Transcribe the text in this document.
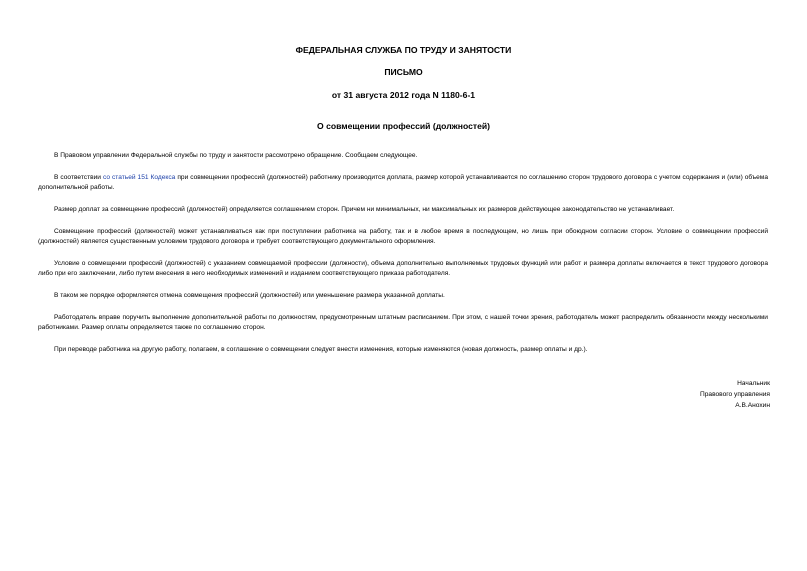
ФЕДЕРАЛЬНАЯ СЛУЖБА ПО ТРУДУ И ЗАНЯТОСТИ
ПИСЬМО
от 31 августа 2012 года N 1180-6-1
О совмещении профессий (должностей)

В Правовом управлении Федеральной службы по труду и занятости рассмотрено обращение. Сообщаем следующее.

В соответствии со статьей 151 Кодекса при совмещении профессий (должностей) работнику производится доплата, размер которой устанавливается по соглашению сторон трудового договора с учетом содержания и (или) объема дополнительной работы.

Размер доплат за совмещение профессий (должностей) определяется соглашением сторон. Причем ни минимальных, ни максимальных их размеров действующее законодательство не устанавливает.

Совмещение профессий (должностей) может устанавливаться как при поступлении работника на работу, так и в любое время в последующем, но лишь при обоюдном согласии сторон. Условие о совмещении профессий (должностей) является существенным условием трудового договора и требует соответствующего документального оформления.

Условие о совмещении профессий (должностей) с указанием совмещаемой профессии (должности), объема дополнительно выполняемых трудовых функций или работ и размера доплаты включается в текст трудового договора либо при его заключении, либо путем внесения в него необходимых изменений и изданием соответствующего приказа работодателя.

В таком же порядке оформляется отмена совмещения профессий (должностей) или уменьшение размера указанной доплаты.

Работодатель вправе поручить выполнение дополнительной работы по должностям, предусмотренным штатным расписанием. При этом, с нашей точки зрения, работодатель может распределить обязанности между несколькими работниками. Размер оплаты определяется также по соглашению сторон.

При переводе работника на другую работу, полагаем, в соглашение о совмещении следует внести изменения, которые изменяются (новая должность, размер оплаты и др.).

Начальник
Правового управления
А.В.Анохин
